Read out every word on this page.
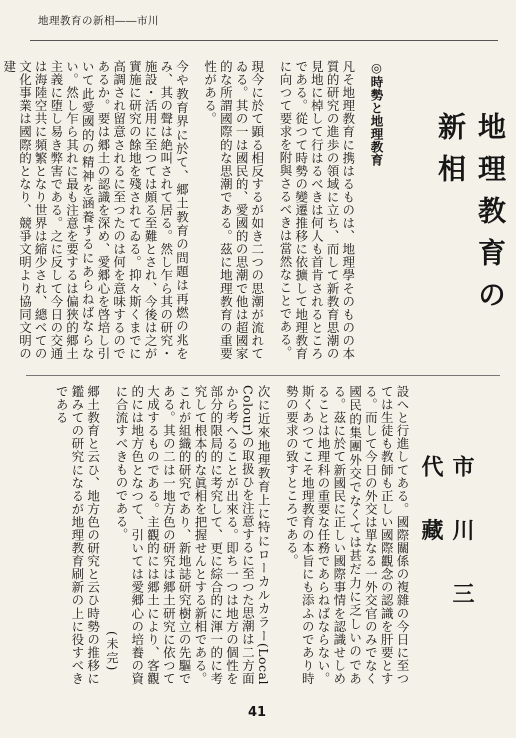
地理教育の新相――市川
◎時勢と地理教育
凡そ地理教育に携はるものは、地理學そのものの本質的研究の進歩の領域に立ち、而して新教育思潮の見地に棹して行はるべきは何人も首肯されるところである。從つて時勢の變遷推移に依擴して地理教育に向つて要求を附與さるべきは當然なことである。
現今に於て顕る相反するが如き二つの思潮が流れてゐる。其の一は國民的、愛國的の思潮で他は超國家的な所謂國際的な思潮である。茲に地理教育の重要性がある。
今や教育界に於て、郷土教育の問題は再燃の兆をみ、其の聲は絶叫されて居る。然し乍ら其の研究・施設・活用に至つては頗る至難とされ、今後は之が實施に研究の餘地を殘されてゐる。抑々斯くまでに高調され留意されるに至つたのは何を意味するのであるか。要は郷土の認識を深め、愛郷心を啓培し引いて此愛國的の精神を涵養するにあらねばならない。然し乍ら其れに最も注意を要するは偏狹的郷土主義に堕し易き弊害である。之に反して今日の交通は海陸空共に頻繁となり世界は縮少され、總べての文化事業は國際的となり、競爭文明より協同文明の建
地理教育の新相
設へと行進してある。國際關係の複雜の今日に至つては生徒も教師も正しい國際觀念の認識を肝要とする。而して今日の外交は單なる一外交官のみでなく國民的集團外交でなくては甚だ力に乏しいのである。茲に於て新國民に正しい國際事情を認識せしめることは地理科の重要な任務であらねばならない。斯くあつてこそ地理教育の本旨にも添ふのであり時勢の要求の致すところである。
次に近來地理教育上に特にローカルカラー(Local Colour)の取扱ひを注意するに至つた思潮は二方面から考へることが出來る。即ち一つは地方の個性を部分的限局的に考究して、更に綜合的に渾一的に考究して根本的な眞相を把握せんとする新相である。これが組織的研究であり、新地誌研究樹立の先驅である。其の二は一地方色の研究は郷土研究に依つて大成するものである。主觀的には郷土により、客觀的には地方色となつて、引いては愛郷心の培養の資に合流すべきものである。
郷土教育と云ひ、地方色の研究と云ひ時勢の推移に鑑みての研究になるが地理教育刷新の上に役すべきである
(未完)
市 川 三 代 藏
41
